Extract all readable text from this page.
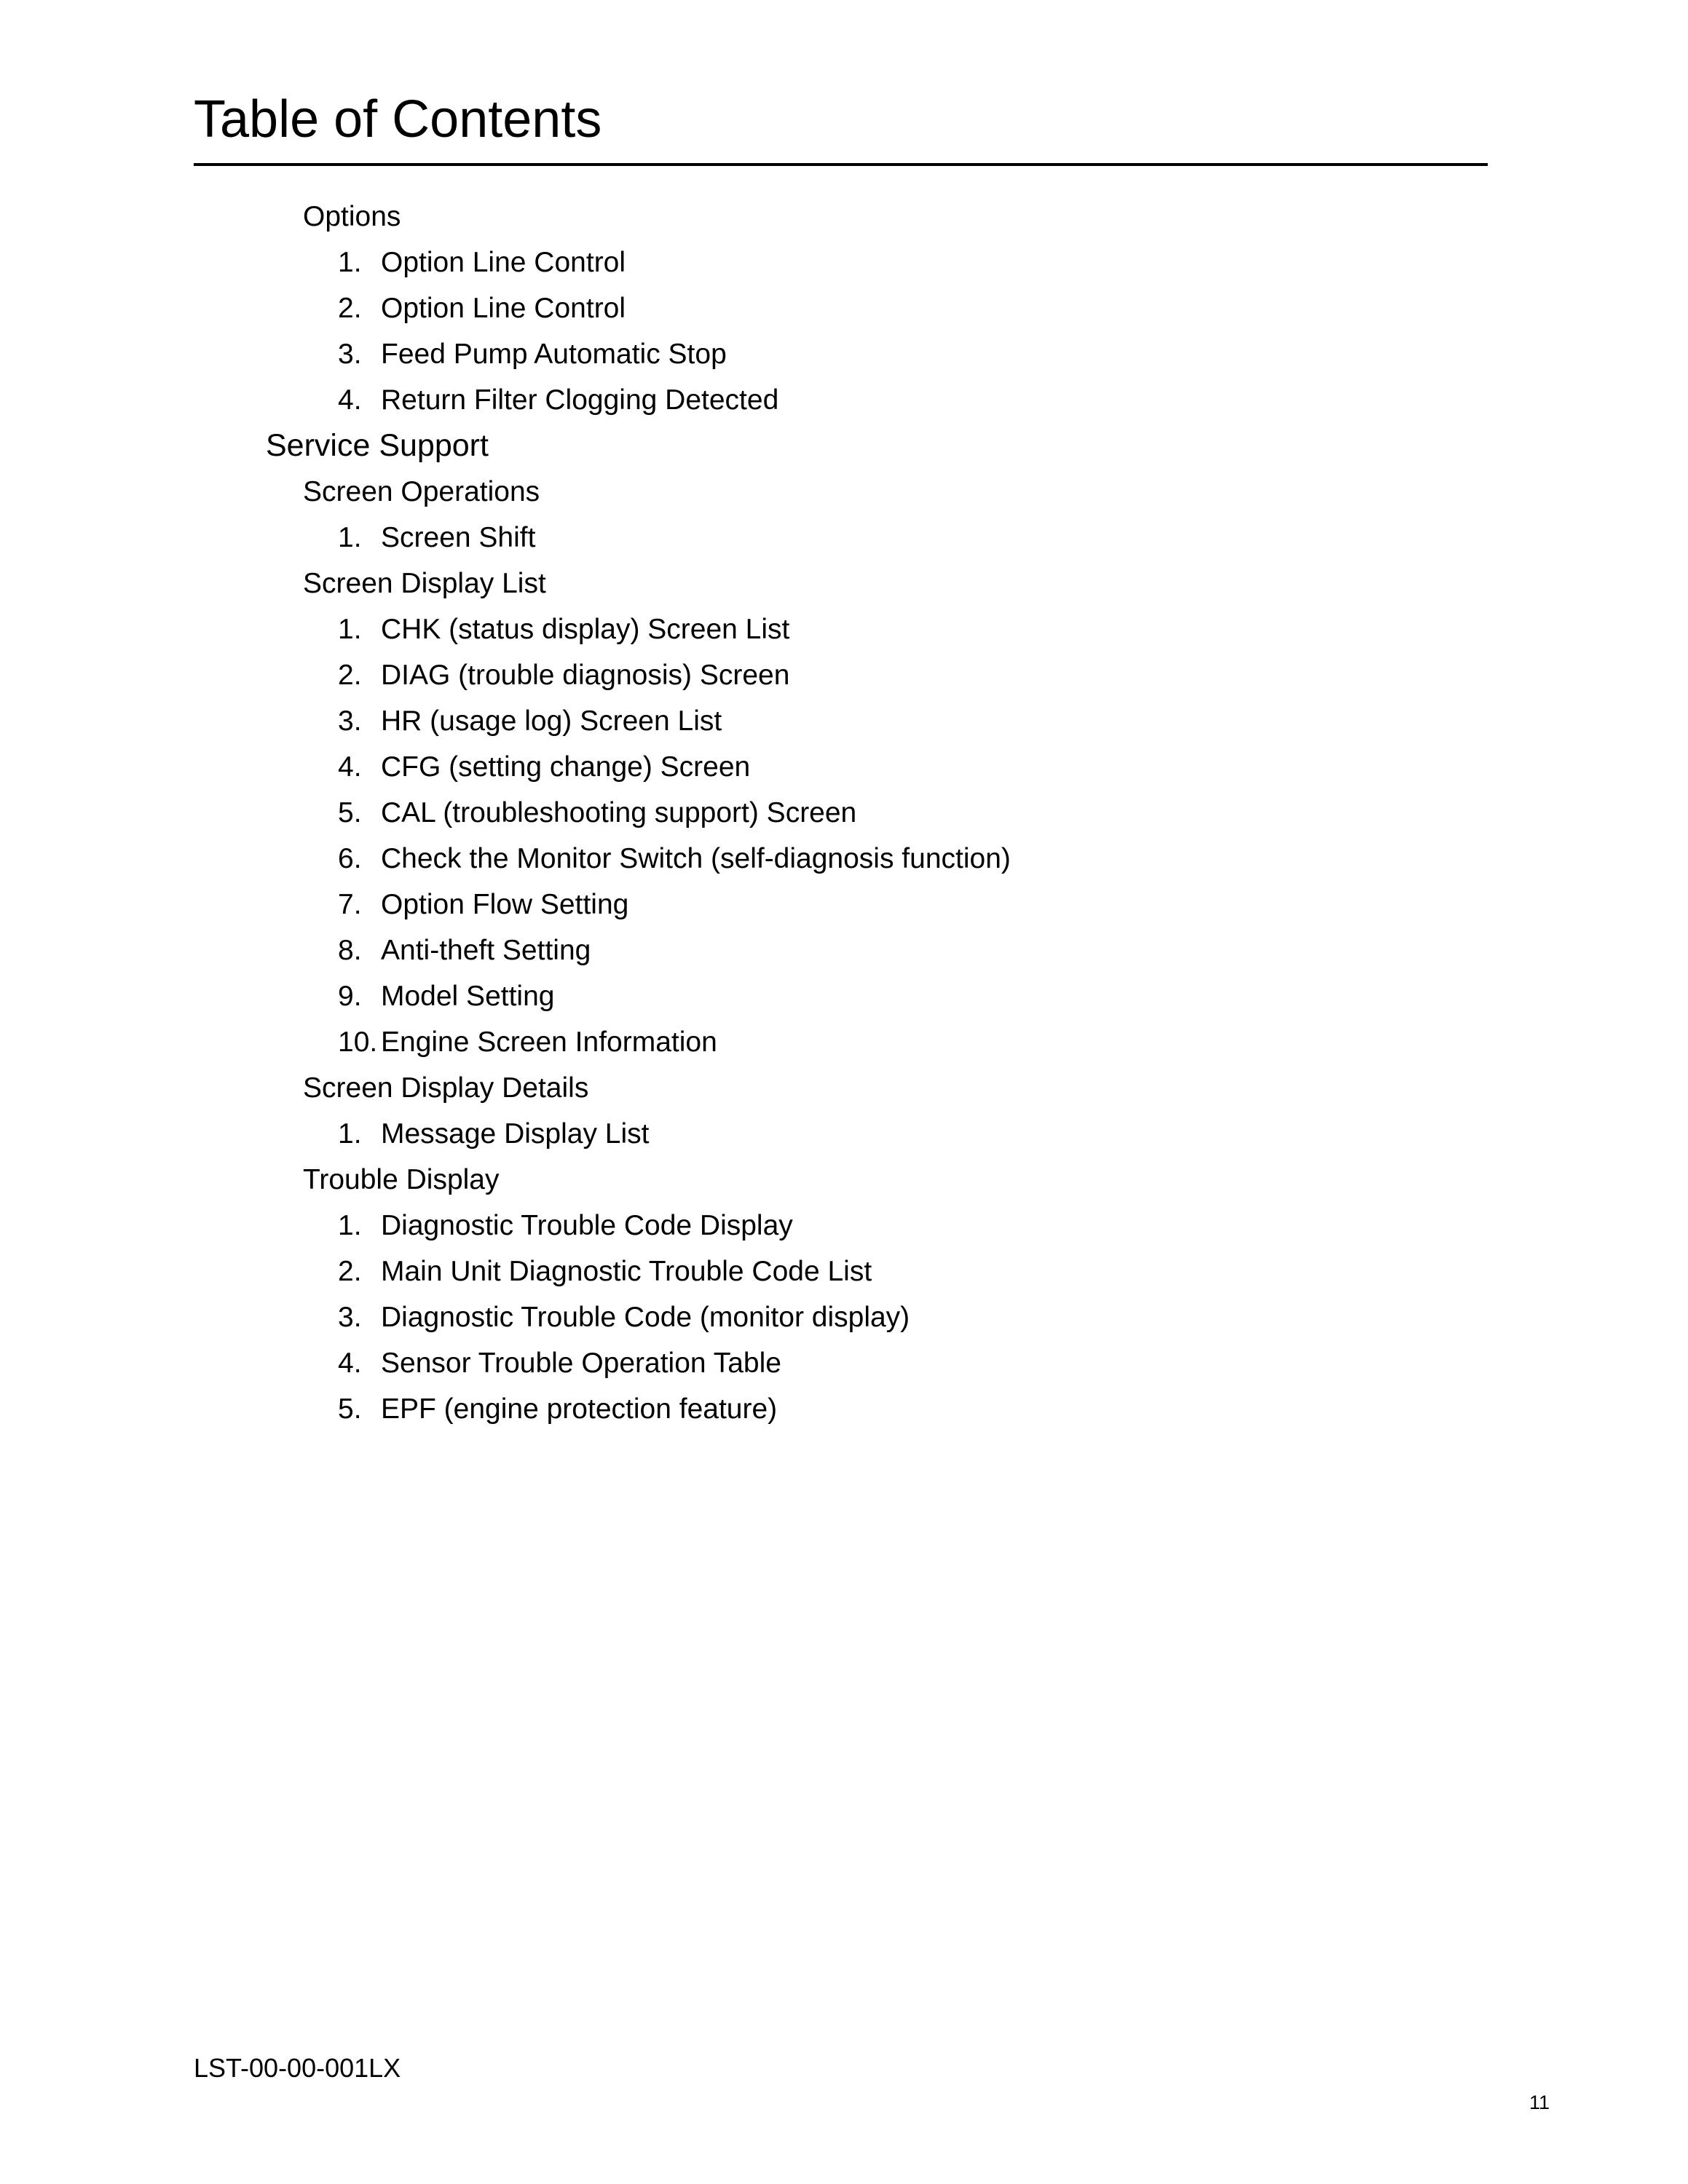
Table of Contents
Options
1. Option Line Control
2. Option Line Control
3. Feed Pump Automatic Stop
4. Return Filter Clogging Detected
Service Support
Screen Operations
1. Screen Shift
Screen Display List
1. CHK (status display) Screen List
2. DIAG (trouble diagnosis) Screen
3. HR (usage log) Screen List
4. CFG (setting change) Screen
5. CAL (troubleshooting support) Screen
6. Check the Monitor Switch (self-diagnosis function)
7. Option Flow Setting
8. Anti-theft Setting
9. Model Setting
10. Engine Screen Information
Screen Display Details
1. Message Display List
Trouble Display
1. Diagnostic Trouble Code Display
2. Main Unit Diagnostic Trouble Code List
3. Diagnostic Trouble Code (monitor display)
4. Sensor Trouble Operation Table
5. EPF (engine protection feature)
LST-00-00-001LX
11
